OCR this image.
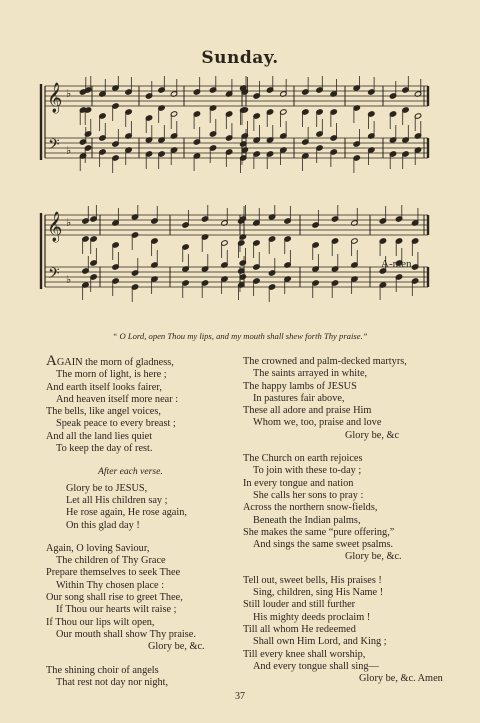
Sunday.
𝄞
𝄢
♭
♭
𝄞
𝄢
♭
♭
A-men.
“ O Lord, open Thou my lips, and my mouth shall shew forth Thy praise.”
AGAIN the morn of gladness,
The morn of light, is here ;
And earth itself looks fairer,
And heaven itself more near :
The bells, like angel voices,
Speak peace to every breast ;
And all the land lies quiet
To keep the day of rest.
After each verse.
Glory be to JESUS,
Let all His children say ;
He rose again, He rose again,
On this glad day !
Again, O loving Saviour,
The children of Thy Grace
Prepare themselves to seek Thee
Within Thy chosen place :
Our song shall rise to greet Thee,
If Thou our hearts wilt raise ;
If Thou our lips wilt open,
Our mouth shall show Thy praise.
Glory be, &c.
The shining choir of angels
That rest not day nor night,
The crowned and palm-decked martyrs,
The saints arrayed in white,
The happy lambs of JESUS
In pastures fair above,
These all adore and praise Him
Whom we, too, praise and love
Glory be, &c
The Church on earth rejoices
To join with these to-day ;
In every tongue and nation
She calls her sons to pray :
Across the northern snow-fields,
Beneath the Indian palms,
She makes the same “pure offering,”
And sings the same sweet psalms.
Glory be, &c.
Tell out, sweet bells, His praises !
Sing, children, sing His Name !
Still louder and still further
His mighty deeds proclaim !
Till all whom He redeemed
Shall own Him Lord, and King ;
Till every knee shall worship,
And every tongue shall sing—
Glory be, &c. Amen
37
